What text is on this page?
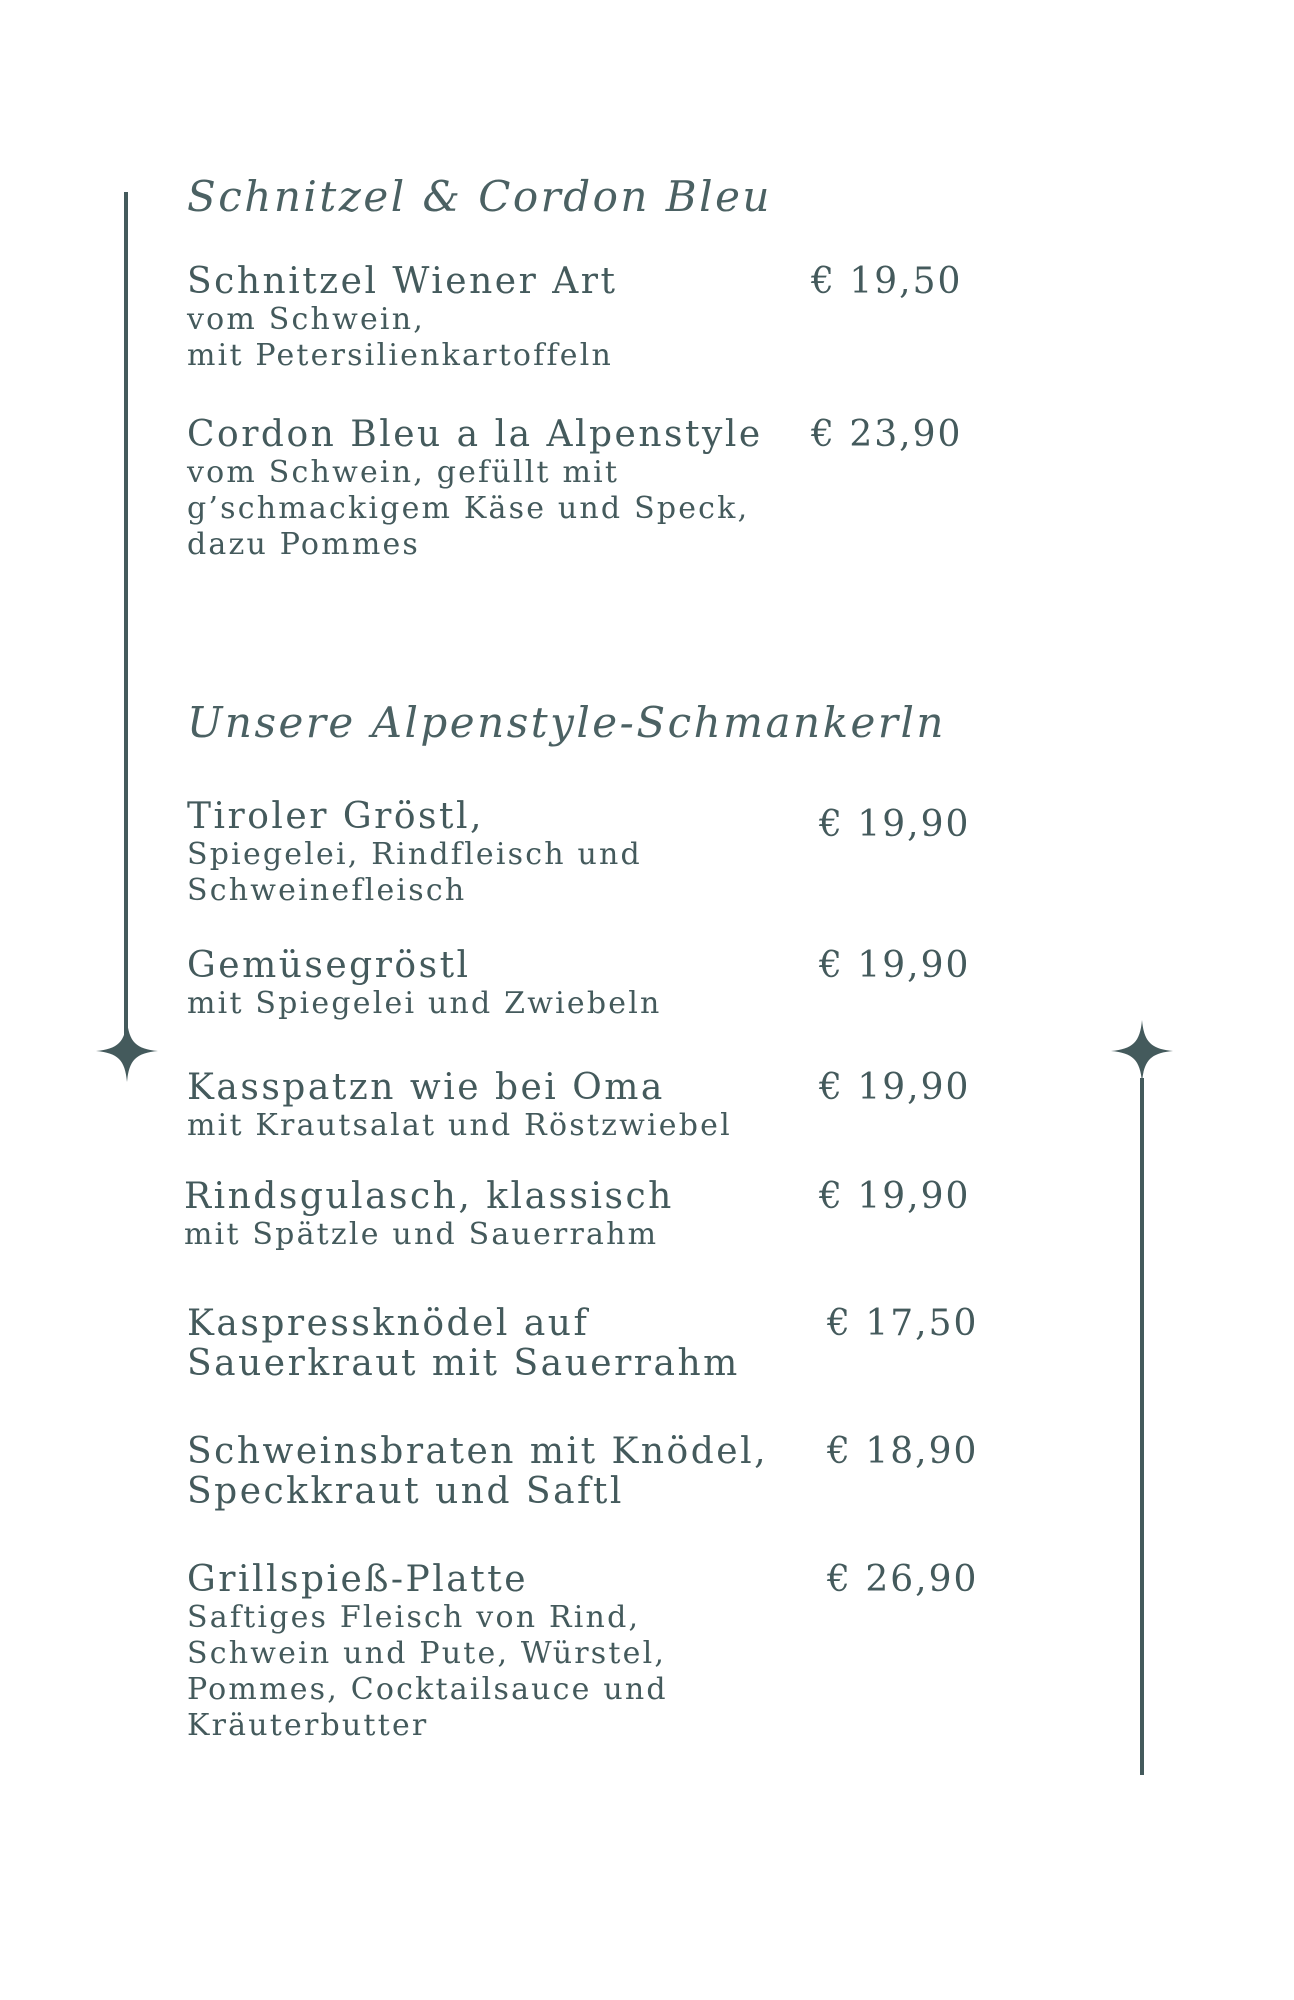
Schnitzel & Cordon Bleu
Schnitzel Wiener Art
vom Schwein,
mit Petersilienkartoffeln
€ 19,50
Cordon Bleu a la Alpenstyle
vom Schwein, gefüllt mit
g’schmackigem Käse und Speck,
dazu Pommes
€ 23,90
Unsere Alpenstyle-Schmankerln
Tiroler Gröstl,
Spiegelei, Rindfleisch und
Schweinefleisch
€ 19,90
Gemüsegröstl
mit Spiegelei und Zwiebeln
€ 19,90
Kasspatzn wie bei Oma
mit Krautsalat und Röstzwiebel
€ 19,90
Rindsgulasch, klassisch
mit Spätzle und Sauerrahm
€ 19,90
Kaspressknödel auf
Sauerkraut mit Sauerrahm
€ 17,50
Schweinsbraten mit Knödel,
Speckkraut und Saftl
€ 18,90
Grillspieß-Platte
Saftiges Fleisch von Rind,
Schwein und Pute, Würstel,
Pommes, Cocktailsauce und
Kräuterbutter
€ 26,90
